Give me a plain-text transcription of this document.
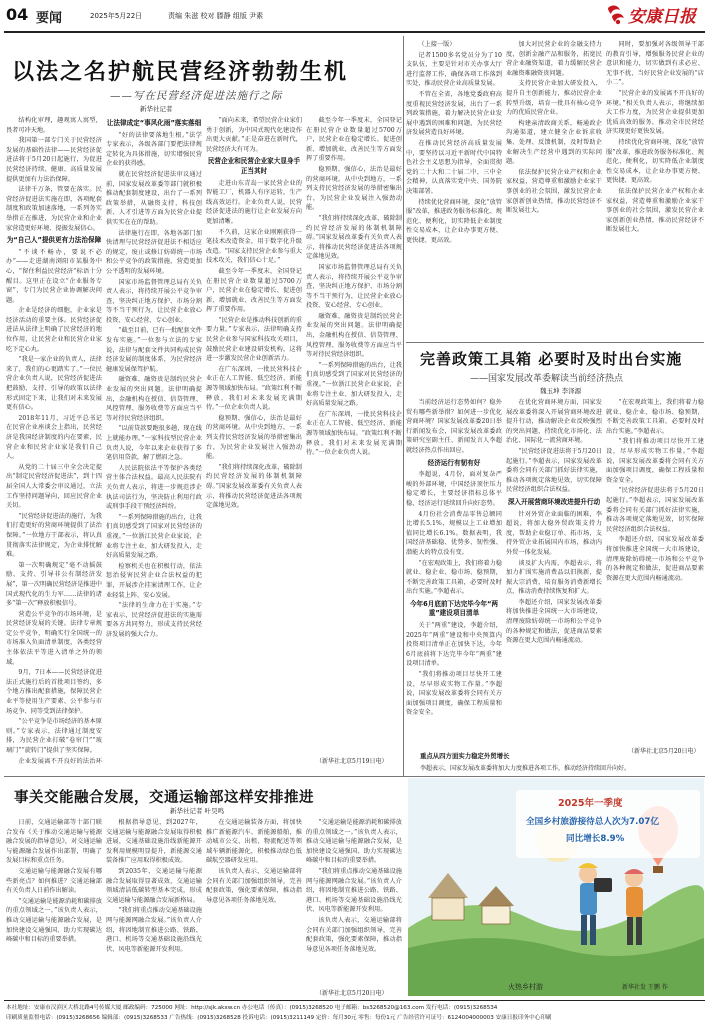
04 要闻	2025年5月22日	责编 朱滋 校对 滕静 组版 尹素	安康日报
以法之名护航民营经济勃勃生机
——写在民营经济促进法施行之际
新华社记者

结构化审理，趣观寓人寓型，畏者可冲天地。

我国第一部专门关于民营经济发展的基础性法律——民营经济促进法将于5月20日起施行，为促进民营经济持续、健康、高质量发展提供更加有力法治保障。

法律千万条，管要在落实。民营经济促进法实施在即，各项配套制度和政策加速落地，一系列务实举措正在推进，为民营企业和企业家营造更好环境、提振发展信心。

为“自己人”提供更有力法治保障

“不谈不畅办，要说不必办”——走进湖南浏阳市某服务中心，“留住利益民营经济”标语十分醒目。这里正在设立“企业服务专窗”，专门为民营企业协调解决问题。

企业是经济的细胞，企业家是经济活动的重要主体。民营经济促进法从法律上明确了民营经济的地位作用，让民营企业和民营企业家吃下定心丸。

“我是一家企业的负责人，法律来了，我们的心更踏实了。”一位民营企业负责人说，民营经济促进法把鼓励、支持、引导的政策以法律形式固定下来，让我们对未来发展更有信心。

2018年11月，习近平总书记在民营企业座谈会上指出，民营经济是我国经济制度的内在要素，民营企业和民营企业家是我们自己人。

从党的二十届三中全会决定提出“制定民营经济促进法”，到十四届全国人大常委会审议通过，立法工作坚持问题导向，回应民营企业关切。

“民营经济促进法的施行，为我们打造更好的营商环境提供了法治保障。”一位地方干部表示，将认真贯彻落实法律规定，为企业排忧解难。

第一次明确规定“毫不动摇鼓励、支持、引导非公有制经济发展”，第一次明确民营经济是推进中国式现代化的生力军……法律的诸多“第一次”释放积极信号。

营造公平竞争的市场环境，是民营经济发展的关键。法律专章规定公平竞争，明确实行全国统一的市场准入负面清单制度，各类经营主体依法平等进入清单之外的领域。

9月，7日本——民营经济促进法正式施行后的首批项目签约，多个地方推出配套措施，保障民营企业平等使用生产要素、公平参与市场竞争、同等受到法律保护。

“公平竞争是市场经济的基本原则。”专家表示，法律通过制度安排，为民营企业打破“卷帘门”“玻璃门”“旋转门”提供了坚实保障。

企业发展离不开良好的法治环

让法律成定“事风化雨”落实落细

“好的法律要落地生根。”法学专家表示，各级各部门要把法律规定转化为具体措施，切实增强民营企业的获得感。

就在民营经济促进法审议通过前，国家发展改革委等部门就积极推动配套制度建设，出台了一系列政策举措，从融资支持、科技创新、人才引进等方面为民营企业提供实实在在的帮助。

法律施行在即，各地各部门加快清理与民营经济促进法不相适应的规定，废止或修订妨碍统一市场和公平竞争的政策措施，营造更加公平透明的发展环境。

国家市场监督管理总局有关负责人表示，将持续开展公平竞争审查，坚决纠正地方保护、市场分割等不当干预行为，让民营企业放心投资、安心经营、专心创业。

“截至目前，已有一批配套文件发布实施。”一位参与立法的专家说，法律与配套文件共同构成民营经济发展的制度体系，为民营经济健康发展保驾护航。

融资难、融资贵是制约民营企业发展的突出问题。法律明确提出，金融机构在授信、信贷管理、风控管理、服务收费等方面应当平等对待民营经济组织。

“以前贷款要跑很多趟，现在线上就能办理。”一家科技型民营企业负责人说，今年以来企业获得了多笔信用贷款，解了燃眉之急。

人民法院依法平等保护各类经营主体合法权益。最高人民法院有关负责人表示，将进一步规范涉企执法司法行为，坚决防止利用行政或刑事手段干预经济纠纷。

“一系列保障措施的出台，让我们真切感受到了国家对民营经济的重视。”一位浙江民营企业家说，企业将专注主业、加大研发投入，走好高质量发展之路。

检察机关也在积极行动，依法惩治侵害民营企业合法权益的犯罪，开展涉企挂案清理工作，让企业轻装上阵、安心发展。

“法律的生命力在于实施。”专家表示，民营经济促进法的实施需要各方共同努力，形成支持民营经济发展的强大合力。

“面向未来，希望民营企业家们勇于创新，为中国式现代化建设作出更大贡献。”正是奋进在新时代，民营经济大有可为。

民营企业和民营企业家大显身手正当其时

走进山东青岛一家民营企业的智能工厂，机器人有序运转，生产线高效运行。企业负责人说，民营经济促进法的施行让企业发展方向更加清晰。

不久前，这家企业刚刚获得一笔技术改造资金，用于数字化升级改造。“国家支持民营企业参与重大技术攻关，我们信心十足。”

截至今年一季度末，全国登记在册民营企业数量超过5700万户，民营企业在稳定增长、促进创新、增加就业、改善民生等方面发挥了重要作用。

“民营企业是推动科技创新的重要力量。”专家表示，法律明确支持民营企业参与国家科技攻关项目，鼓励民营企业建设研发机构，这将进一步激发民营企业创新活力。

在广东深圳，一批民营科技企业正在人工智能、低空经济、新能源等领域加快布局。“政策红利不断释放，我们对未来发展充满期待。”一位企业负责人说。

稳预期、强信心，法治是最好的营商环境。从中央到地方，一系列支持民营经济发展的举措密集出台，为民营企业发展注入强劲动能。

“我们将持续深化改革，破除制约民营经济发展的体制机制障碍。”国家发展改革委有关负责人表示，将推动民营经济促进法各项规定落地见效。

截至今年一季度末，全国登记在册民营企业数量超过5700万户，民营企业在稳定增长、促进创新、增加就业、改善民生等方面发挥了重要作用。

稳预期、强信心，法治是最好的营商环境。从中央到地方，一系列支持民营经济发展的举措密集出台，为民营企业发展注入强劲动能。

“我们将持续深化改革，破除制约民营经济发展的体制机制障碍。”国家发展改革委有关负责人表示，将推动民营经济促进法各项规定落地见效。

国家市场监督管理总局有关负责人表示，将持续开展公平竞争审查，坚决纠正地方保护、市场分割等不当干预行为，让民营企业放心投资、安心经营、专心创业。

融资难、融资贵是制约民营企业发展的突出问题。法律明确提出，金融机构在授信、信贷管理、风控管理、服务收费等方面应当平等对待民营经济组织。

“一系列保障措施的出台，让我们真切感受到了国家对民营经济的重视。”一位浙江民营企业家说，企业将专注主业、加大研发投入，走好高质量发展之路。

在广东深圳，一批民营科技企业正在人工智能、低空经济、新能源等领域加快布局。“政策红利不断释放，我们对未来发展充满期待。”一位企业负责人说。

（新华社北京5月19日电）

（上接一版）

记者1500多名党员分为了10支队伍，主要是针对市关办事大厅进行监督工作，确保各项工作落到实处，推动民营企业高质量发展。

不管在全省，各地党委政府高度重视民营经济发展，出台了一系列政策措施，着力解决民营企业发展中遇到的困难和问题，为民营经济发展营造良好环境。

在推动民营经济高质量发展中，要坚持以习近平新时代中国特色社会主义思想为指导，全面贯彻党的二十大和二十届二中、三中全会精神，认真落实党中央、国务院决策部署。

持续优化营商环境，深化“放管服”改革，推进政务服务标准化、规范化、便利化，切实降低企业制度性交易成本，让企业办事更方便、更快捷、更高效。

加大对民营企业的金融支持力度，创新金融产品和服务，拓宽民营企业融资渠道，着力缓解民营企业融资难融资贵问题。

支持民营企业加大研发投入，提升自主创新能力，推动民营企业转型升级，培育一批具有核心竞争力的优质民营企业。

构建亲清政商关系，畅通政企沟通渠道，建立健全企业诉求收集、处理、反馈机制，及时帮助企业解决生产经营中遇到的实际问题。

依法保护民营企业产权和企业家权益，营造尊重和激励企业家干事创业的社会氛围，激发民营企业家创新创业热情，推动民营经济不断发展壮大。

同时，要加强对各级领导干部的教育引导，增强服务民营企业的意识和能力，切实做到有求必应、无事不扰，当好民营企业发展的“店小二”。

“民营企业的发展离不开良好的环境。”相关负责人表示，将继续加大工作力度，为民营企业提供更加优质高效的服务，推动全市民营经济实现更好更快发展。

持续优化营商环境，深化“放管服”改革，推进政务服务标准化、规范化、便利化，切实降低企业制度性交易成本，让企业办事更方便、更快捷、更高效。

依法保护民营企业产权和企业家权益，营造尊重和激励企业家干事创业的社会氛围，激发民营企业家创新创业热情，推动民营经济不断发展壮大。

完善政策工具箱 必要时及时出台实施
——国家发展改革委解读当前经济热点
魏玉坤 李泽源

当前经济运行态势如何？稳外贸有哪些新举措？如何进一步优化营商环境？国家发展改革委20日举行新闻发布会，国家发展改革委政策研究室副主任、新闻发言人李超就经济热点作出回应。

经济运行有韧有好

李超说，4月份，面对复杂严峻的外部环境，中国经济顶住压力稳定增长，主要经济指标总体平稳，经济运行延续回升向好态势。

4月份社会消费品零售总额同比增长5.1%，规模以上工业增加值同比增长6.1%。数据表明，我国经济基础稳、优势多、韧性强、潜能大的特点没有变。

“在宏观政策上，我们将着力稳就业、稳企业、稳市场、稳预期，不断完善政策工具箱，必要时及时出台实施。”李超表示。

今年6月底前下达完毕今年“两重”建设项目清单

关于“两重”建设，李超介绍，2025年“两重”建设和中央预算内投资项目清单正在加快下达，今年6月底前将下达完毕今年“两重”建设项目清单。

“我们将推动项目尽快开工建设，尽早形成实物工作量。”李超说，国家发展改革委将会同有关方面加强项目调度，确保工程质量和资金安全。

在优化营商环境方面，国家发展改革委将深入开展营商环境改进提升行动，推动解决企业反映强烈的突出问题，持续优化市场化、法治化、国际化一流营商环境。

“民营经济促进法将于5月20日起施行。”李超表示，国家发展改革委将会同有关部门抓好法律实施，推动各项规定落地见效，切实保障民营经济组织合法权益。

深入开展营商环境改进提升行动

针对外贸企业面临的困难，李超说，将加大稳外贸政策支持力度，帮助企业稳订单、拓市场，支持外贸企业拓展国内市场，推动内外贸一体化发展。

谈及扩大内需，李超表示，将加力扩围实施消费品以旧换新，提振大宗消费，培育服务消费新增长点，推动消费持续恢复和扩大。

李超还介绍，国家发展改革委将加快推进全国统一大市场建设，清理废除妨碍统一市场和公平竞争的各种规定和做法，促进商品要素资源在更大范围内畅通流动。

“在宏观政策上，我们将着力稳就业、稳企业、稳市场、稳预期，不断完善政策工具箱，必要时及时出台实施。”李超表示。

“我们将推动项目尽快开工建设，尽早形成实物工作量。”李超说，国家发展改革委将会同有关方面加强项目调度，确保工程质量和资金安全。

“民营经济促进法将于5月20日起施行。”李超表示，国家发展改革委将会同有关部门抓好法律实施，推动各项规定落地见效，切实保障民营经济组织合法权益。

李超还介绍，国家发展改革委将加快推进全国统一大市场建设，清理废除妨碍统一市场和公平竞争的各种规定和做法，促进商品要素资源在更大范围内畅通流动。

（新华社北京5月20日电）
重点从四方面实力稳定外贸增长
李超表示，国家发展改革委将加大力度推进各项工作，推动经济持续回升向好。
事关交能融合发展，交通运输部这样安排推进
新华社记者 叶昊鸣

日前，交通运输部等十部门联合发布《关于推动交通运输与能源融合发展的指导意见》，对交通运输与能源融合发展作出部署，明确了发展目标和重点任务。

交通运输与能源融合发展有哪些新亮点？如何推进？交通运输部有关负责人日前作出解读。

“交通运输是能源消耗和碳排放的重点领域之一。”该负责人表示，推动交通运输与能源融合发展，是加快建设交通强国、助力实现碳达峰碳中和目标的重要举措。

根据指导意见，到2027年，交通运输与能源融合发展取得积极进展，交通基础设施沿线新能源开发利用规模明显提升，新能源交通装备推广应用取得积极成效。

到2035年，交通运输与能源融合发展取得显著成效，交通运输领域清洁低碳转型基本完成，形成交通运输与能源融合发展新格局。

“我们将重点推动交通基础设施网与能源网融合发展。”该负责人介绍，将因地制宜推进公路、铁路、港口、机场等交通基础设施沿线光伏、风电等新能源开发利用。

在交通运输装备方面，将加快推广新能源汽车、新能源船舶，推动城市公交、出租、物流配送等领域车辆新能源化，积极推动绿色低碳航空器研发应用。

该负责人表示，交通运输部将会同有关部门加强组织领导，完善配套政策，强化要素保障，推动指导意见各项任务落地见效。

“交通运输是能源消耗和碳排放的重点领域之一。”该负责人表示，推动交通运输与能源融合发展，是加快建设交通强国、助力实现碳达峰碳中和目标的重要举措。

“我们将重点推动交通基础设施网与能源网融合发展。”该负责人介绍，将因地制宜推进公路、铁路、港口、机场等交通基础设施沿线光伏、风电等新能源开发利用。

该负责人表示，交通运输部将会同有关部门加强组织领导，完善配套政策，强化要素保障，推动指导意见各项任务落地见效。

（新华社北京5月20日电）
2025年一季度
全国乡村旅游接待总人次为7.07亿
同比增长8.9%
火热乡村游	新华社发 王鹏 作
本社地址：安康市汉滨区大桥北路4号传媒大厦 邮政编码：725000 网址：http://sjk.akxw.cn 办公电话（传真）：(0915)3268520 电子邮箱：bs3268520@163.com 发行电话：(0915)3268534
印刷质量监督电话：(0915)3268656 编辑部：(0915)3268533 广告热线：(0915)3268528 投诉电话：(0915)3211149 定价：每月30元 零售：每份1元 广告经营许可证号：6124004000003 安康日报印务中心印刷
